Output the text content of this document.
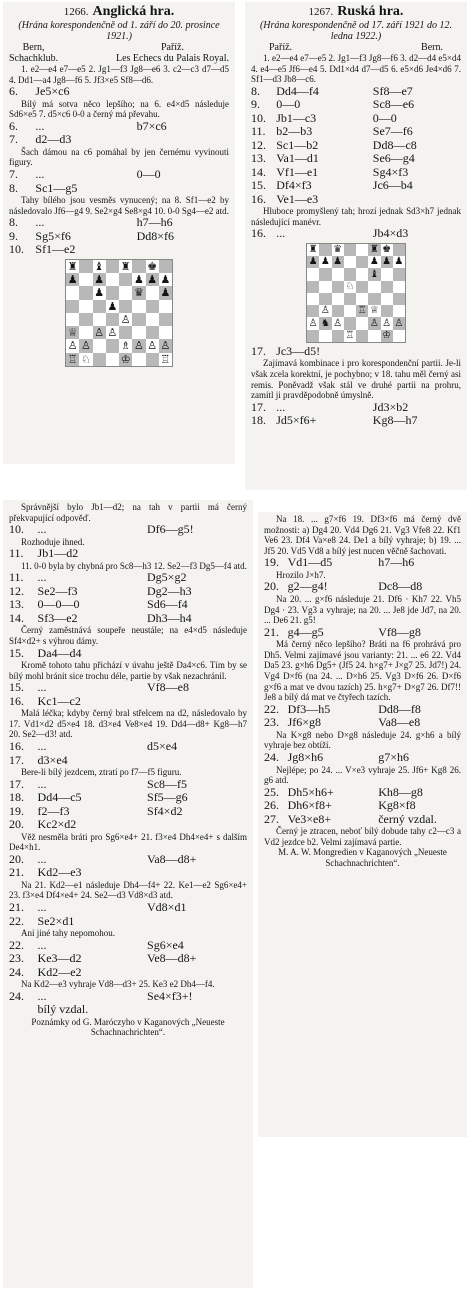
1266. Anglická hra.
(Hrána korespondenčně od 1. září do 20. prosince 1921.)
Bern,
Schachklub.
Paříž.
Les Echecs du Palais Royal.
1. e2—e4 e7—e5 2. Jg1—f3 Jg8—e6 3. c2—c3 d7—d5 4. Dd1—a4 Jg8—f6 5. Jf3×e5 Sf8—d6.
6.	Je5×c6
Bílý má sotva něco lepšího; na 6. e4×d5 následuje Sd6×e5 7. d5×c6 0-0 a černý má převahu.
6.	...	b7×c6
7.	d2—d3
Šach dámou na c6 pomáhal by jen černému vyvinouti figury.
7.	...	0—0
8.	Sc1—g5
Tahy bílého jsou vesměs vynucený; na 8. Sf1—e2 by následovalo Jf6—g4 9. Se2×g4 Se8×g4 10. 0-0 Sg4—e2 atd.
8.	...	h7—h6
9.	Sg5×f6	Dd8×f6
10. Sf1—e2
♜ ♝ ♜ ♚
♟ ♟	♟ ♟ ♟
♟	♛ ♟
♟
♙
♕ ♙ ♙
♙ ♙	♗ ♙ ♙ ♙
♖ ♘	♔	♖
1267. Ruská hra.
(Hrána korespondenčně od 17. září 1921 do 12. ledna 1922.)
Paříž.	Bern.
1. e2—e4 e7—e5 2. Jg1—f3 Jg8—f6 3. d2—d4 e5×d4 4. e4—e5 Jf6—e4 5. Dd1×d4 d7—d5 6. e5×d6 Je4×d6 7. Sf1—d3 Jb8—c6.
8.	Dd4—f4	Sf8—e7
9.	0—0	Sc8—e6
10. Jb1—c3	0—0
11. b2—b3	Se7—f6
12. Sc1—b2	Dd8—c8
13. Va1—d1	Se6—g4
14. Vf1—e1	Sg4×f3
15. Df4×f3	Jc6—b4
16. Ve1—e3
Hluboce promyšlený tah; hrozí jednak Sd3×h7 jednak následující manévr.
16. ...	Jb4×d3
♜ ♛	♜ ♚
♟ ♟ ♟	♟ ♟ ♟
♝
♘
♙	♖ ♕
♙ ♞ ♙	♙ ♙ ♙
♖	♔
17. Jc3—d5!
Zajímavá kombinace i pro korespondenční partii. Je-li však zcela korektní, je pochybno; v 18. tahu měl černý asi remis. Poněvadž však stál ve druhé partii na prohru, zamítl ji pravděpodobně úmyslně.
17. ...	Jd3×b2
18. Jd5×f6+	Kg8—h7
Správnější bylo Jb1—d2; na tah v partii má černý překvapující odpověď.
10.	...	Df6—g5!
Rozhoduje ihned.
11.	Jb1—d2
11. 0-0 byla by chybná pro Sc8—h3 12. Se2—f3 Dg5—f4 atd.
11.	...	Dg5×g2
12.	Se2—f3	Dg2—h3
13.	0—0—0	Sd6—f4
14.	Sf3—e2	Dh3—h4
Černý zaměstnává soupeře neustále; na e4×d5 následuje Sf4×d2+ s výhrou dámy.
15.	Da4—d4
Kromě tohoto tahu přichází v úvahu ještě Da4×c6. Tím by se bílý mohl bránit sice trochu déle, partie by však nezachránil.
15.	...	Vf8—e8
16.	Kc1—c2
Malá léčka; kdyby černý bral střelcem na d2, následovalo by 17. Vd1×d2 d5×e4 18. d3×e4 Ve8×e4 19. Dd4—d8+ Kg8—h7 20. Se2—d3! atd.
16.	...	d5×e4
17.	d3×e4
Bere-li bílý jezdcem, ztratí po f7—f5 figuru.
17.	...	Sc8—f5
18.	Dd4—c5	Sf5—g6
19.	f2—f3	Sf4×d2
20.	Kc2×d2
Věž nesměla bráti pro Sg6×e4+ 21. f3×e4 Dh4×e4+ s dalším De4×h1.
20.	...	Va8—d8+
21.	Kd2—e3
Na 21. Kd2—e1 následuje Dh4—f4+ 22. Ke1—e2 Sg6×e4+ 23. f3×e4 Df4×e4+ 24. Se2—d3 Vd8×d3 atd.
21.	...	Vd8×d1
22.	Se2×d1
Ani jiné tahy nepomohou.
22.	...	Sg6×e4
23.	Ke3—d2	Ve8—d8+
24.	Kd2—e2
Na Kd2—e3 vyhraje Vd8—d3+ 25. Ke3 e2 Dh4—f4.
24.	...	Se4×f3+!
bílý vzdal.
Poznámky od G. Maróczyho v Kaganových „Neueste Schachnachrichten“.
Na 18. ... g7×f6 19. Df3×f6 má černý dvě možnosti: a) Dg4 20. Vd4 Dg6 21. Vg3 Vfe8 22. Kf1 Ve6 23. Df4 Va×e8 24. De1 a bílý vyhraje; b) 19. ... Jf5 20. Vd5 Vd8 a bílý jest nucen věčně šachovati.
19. Vd1—d5	h7—h6
Hrozilo J×h7.
20. g2—g4!	Dc8—d8
Na 20. ... g×f6 následuje 21. Df6 · Kh7 22. Vh5 Dg4 · 23. Vg3 a vyhraje; na 20. ... Je8 jde Jd7, na 20. ... De6 21. g5!
21. g4—g5	Vf8—g8
Má černý něco lepšího? Bráti na f6 prohrává pro Dh5. Velmi zajímavé jsou varianty: 21. ... e6 22. Vd4 Da5 23. g×h6 Dg5+ (Jf5 24. h×g7+ J×g7 25. Jd7!) 24. Vg4 D×f6 (na 24. ... D×h6 25. Vg3 D×f6 26. D×f6 g×f6 a mat ve dvou tazích) 25. h×g7+ D×g7 26. Df7!! Je8 a bílý dá mat ve čtyřech tazích.
22. Df3—h5	Dd8—f8
23. Jf6×g8	Va8—e8
Na K×g8 nebo D×g8 následuje 24. g×h6 a bílý vyhraje bez obtíží.
24. Jg8×h6	g7×h6
Nejlépe; po 24. ... V×e3 vyhraje 25. Jf6+ Kg8 26. g6 atd.
25. Dh5×h6+	Kh8—g8
26. Dh6×f8+	Kg8×f8
27. Ve3×e8+	černý vzdal.
Černý je ztracen, neboť bílý dobude tahy c2—c3 a Vd2 jezdce b2. Velmi zajímavá partie.
M. A. W. Mongredien v Kaganových „Neueste Schachnachrichten“.
